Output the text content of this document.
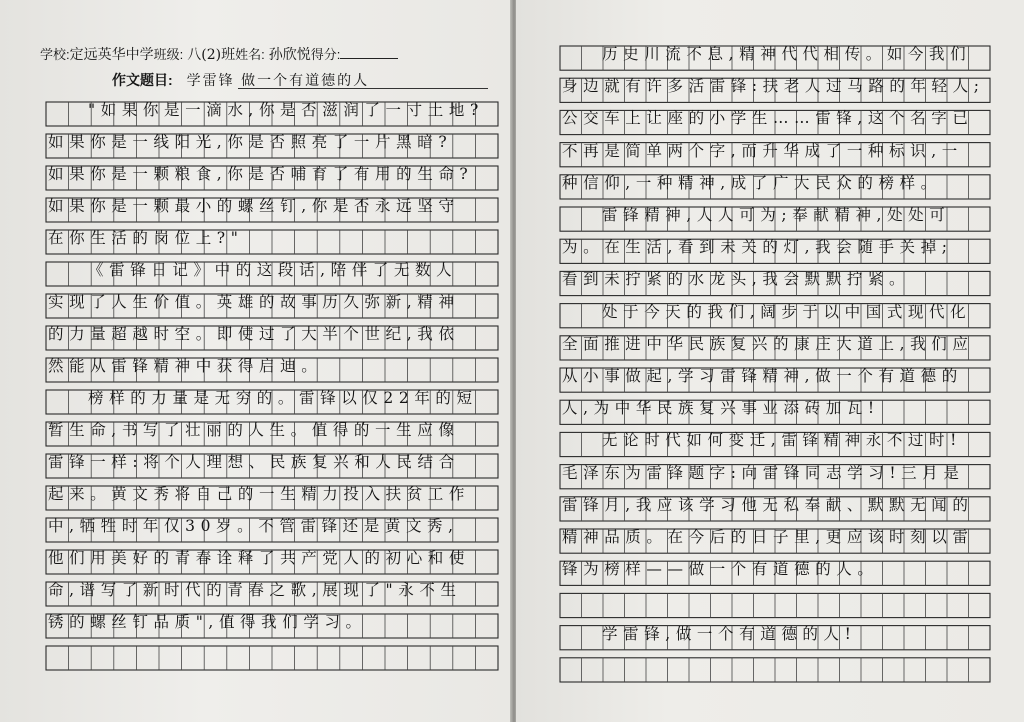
学校:定远英华中学班级: 八(2)班姓名: 孙欣悦得分:
作文题目: 学雷锋 做一个有道德的人
"如果你是一滴水,你是否滋润了一寸土地?
如果你是一线阳光,你是否照亮了一片黑暗?
如果你是一颗粮食,你是否哺育了有用的生命?
如果你是一颗最小的螺丝钉,你是否永远坚守
在你生活的岗位上?"
《雷锋日记》中的这段话,陪伴了无数人
实现了人生价值。英雄的故事历久弥新,精神
的力量超越时空。即使过了大半个世纪,我依
然能从雷锋精神中获得启迪。
榜样的力量是无穷的。雷锋以仅22年的短
暂生命,书写了壮丽的人生。值得的一生应像
雷锋一样:将个人理想、民族复兴和人民结合
起来。黄文秀将自己的一生精力投入扶贫工作
中,牺牲时年仅30岁。不管雷锋还是黄文秀,
他们用美好的青春诠释了共产党人的初心和使
命,谱写了新时代的青春之歌,展现了"永不生
锈的螺丝钉品质",值得我们学习。
历史川流不息,精神代代相传。如今我们
身边就有许多活雷锋:扶老人过马路的年轻人;
公交车上让座的小学生……雷锋,这个名字已
不再是简单两个字,而升华成了一种标识,一
种信仰,一种精神,成了广大民众的榜样。
雷锋精神,人人可为;奉献精神,处处可
为。在生活,看到未关的灯,我会随手关掉;
看到未拧紧的水龙头,我会默默拧紧。
处于今天的我们,阔步于以中国式现代化
全面推进中华民族复兴的康庄大道上,我们应
从小事做起,学习雷锋精神,做一个有道德的
人,为中华民族复兴事业添砖加瓦!
无论时代如何变迁,雷锋精神永不过时!
毛泽东为雷锋题字:向雷锋同志学习!三月是
雷锋月,我应该学习他无私奉献、默默无闻的
精神品质。在今后的日子里,更应该时刻以雷
锋为榜样——做一个有道德的人。
学雷锋,做一个有道德的人!
